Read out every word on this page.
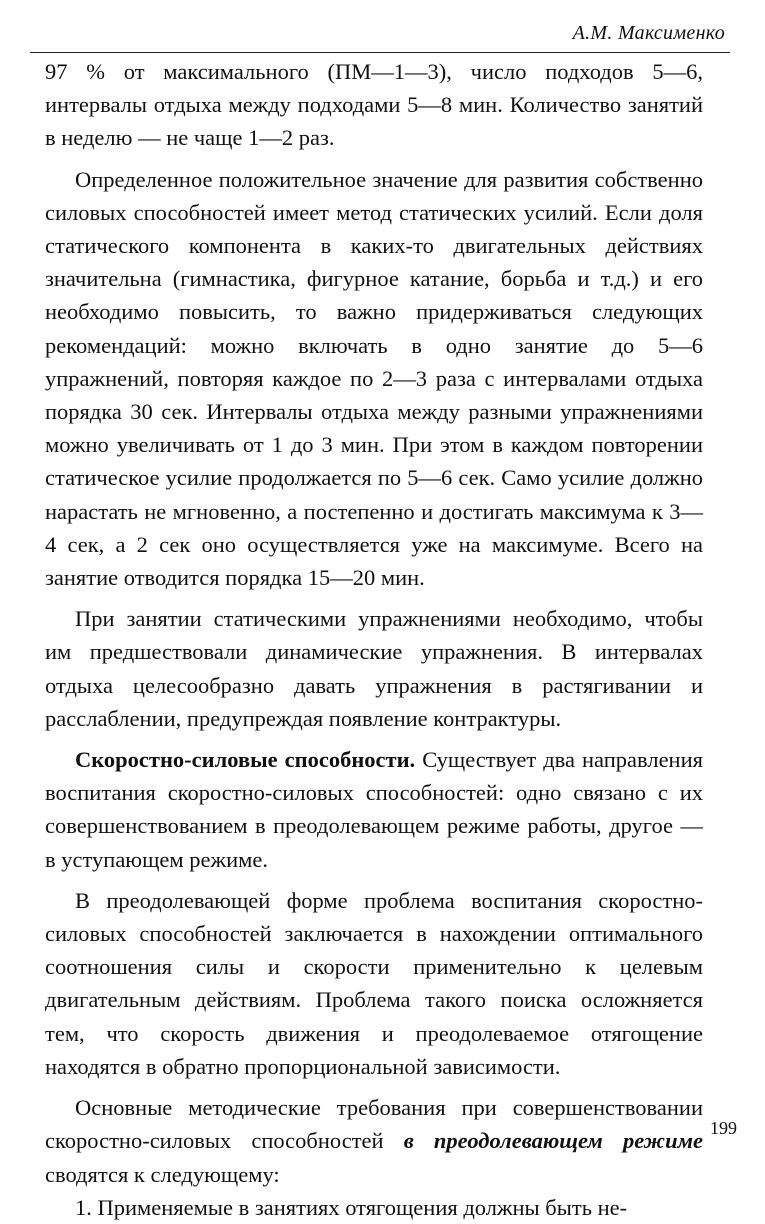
А.М. Максименко

97 % от максимального (ПМ—1—3), число подходов 5—6, интервалы отдыха между подходами 5—8 мин. Количество занятий в неделю — не чаще 1—2 раз.

Определенное положительное значение для развития собственно силовых способностей имеет метод статических усилий. Если доля статического компонента в каких-то двигательных действиях значительна (гимнастика, фигурное катание, борьба и т.д.) и его необходимо повысить, то важно придерживаться следующих рекомендаций: можно включать в одно занятие до 5—6 упражнений, повторяя каждое по 2—3 раза с интервалами отдыха порядка 30 сек. Интервалы отдыха между разными упражнениями можно увеличивать от 1 до 3 мин. При этом в каждом повторении статическое усилие продолжается по 5—6 сек. Само усилие должно нарастать не мгновенно, а постепенно и достигать максимума к 3—4 сек, а 2 сек оно осуществляется уже на максимуме. Всего на занятие отводится порядка 15—20 мин.

При занятии статическими упражнениями необходимо, чтобы им предшествовали динамические упражнения. В интервалах отдыха целесообразно давать упражнения в растягивании и расслаблении, предупреждая появление контрактуры.

Скоростно-силовые способности. Существует два направления воспитания скоростно-силовых способностей: одно связано с их совершенствованием в преодолевающем режиме работы, другое — в уступающем режиме.

В преодолевающей форме проблема воспитания скоростно-силовых способностей заключается в нахождении оптимального соотношения силы и скорости применительно к целевым двигательным действиям. Проблема такого поиска осложняется тем, что скорость движения и преодолеваемое отягощение находятся в обратно пропорциональной зависимости.

Основные методические требования при совершенствовании скоростно-силовых способностей в преодолевающем режиме сводятся к следующему:

1. Применяемые в занятиях отягощения должны быть не-

199
